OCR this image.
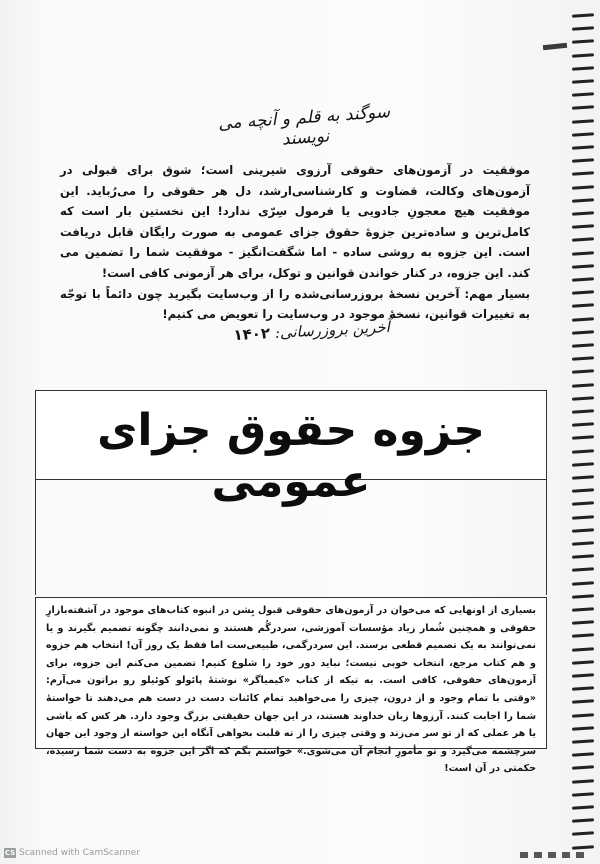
سوگند به قلم و آنچه می نویسند

موفقیت در آزمون‌های حقوقی آرزوی شیرینی است؛ شوق برای قبولی در آزمون‌های وکالت، قضاوت و کارشناسی‌ارشد، دل هر حقوقی را می‌رُباید. این موفقیت هیچ معجونِ جادویی یا فرمول سِرّی ندارد! این نخستین بار است که کامل‌ترین و ساده‌ترین جزوهٔ حقوق جزای عمومی به صورت رایگان قابل دریافت است. این جزوه به روشی ساده - اما شگفت‌انگیز - موفقیت شما را تضمین می کند. این جزوه، در کنار خواندن قوانین و توکل، برای هر آزمونی کافی است!

بسیار مهم: آخرین نسخهٔ بروزرسانی‌شده را از وب‌سایت بگیرید چون دائماً با توجّه به تغییرات قوانین، نسخهٔ موجود در وب‌سایت را تعویض می کنیم!

آخرین بروزرسانی: ۱۴۰۲
جزوه حقوق جزای عمومی

بسیاری از اونهایی که می‌خوان در آزمون‌های حقوقی قبول بِشن در انبوه کتاب‌های موجود در آشفته‌بازارِ حقوقی و همچنین شُمار زیاد مؤسسات آموزشی، سردرگُم هستند و نمی‌دانند چگونه تصمیم بگیرند و یا نمی‌توانند به یک تصمیم قطعی برسند. این سردرگمی، طبیعی‌ست اما فقط یک روز آن! انتخاب هم جزوه و هم کتاب مرجع، انتخاب خوبی نیست؛ نباید دور خود را شلوغ کنیم! تضمین می‌کنم این جزوه، برای آزمون‌های حقوقی، کافی است. به تیکه از کتاب «کیمیاگر» نوشتهٔ پائولو کوئیلو رو براتون می‌آرم: «وقتی با تمام وجود و از درون، چیزی را می‌خواهید تمام کائنات دست در دست هم می‌دهند تا خواستهٔ شما را اجابت کنند. آرزوها زبان خداوند هستند، در این جهان حقیقتی بزرگ وجود دارد. هر کس که باشی یا هر عملی که از تو سر می‌زند و وقتی چیزی را از ته قلبت بخواهی آنگاه این خواسته از وجود این جهان سرچشمه می‌گیرد و تو مأمورِ انجام آن می‌شوی.» خواستم بگم که اگر این جزوه به دست شما رسیده، حکمتی در آن است!

CS Scanned with CamScanner
